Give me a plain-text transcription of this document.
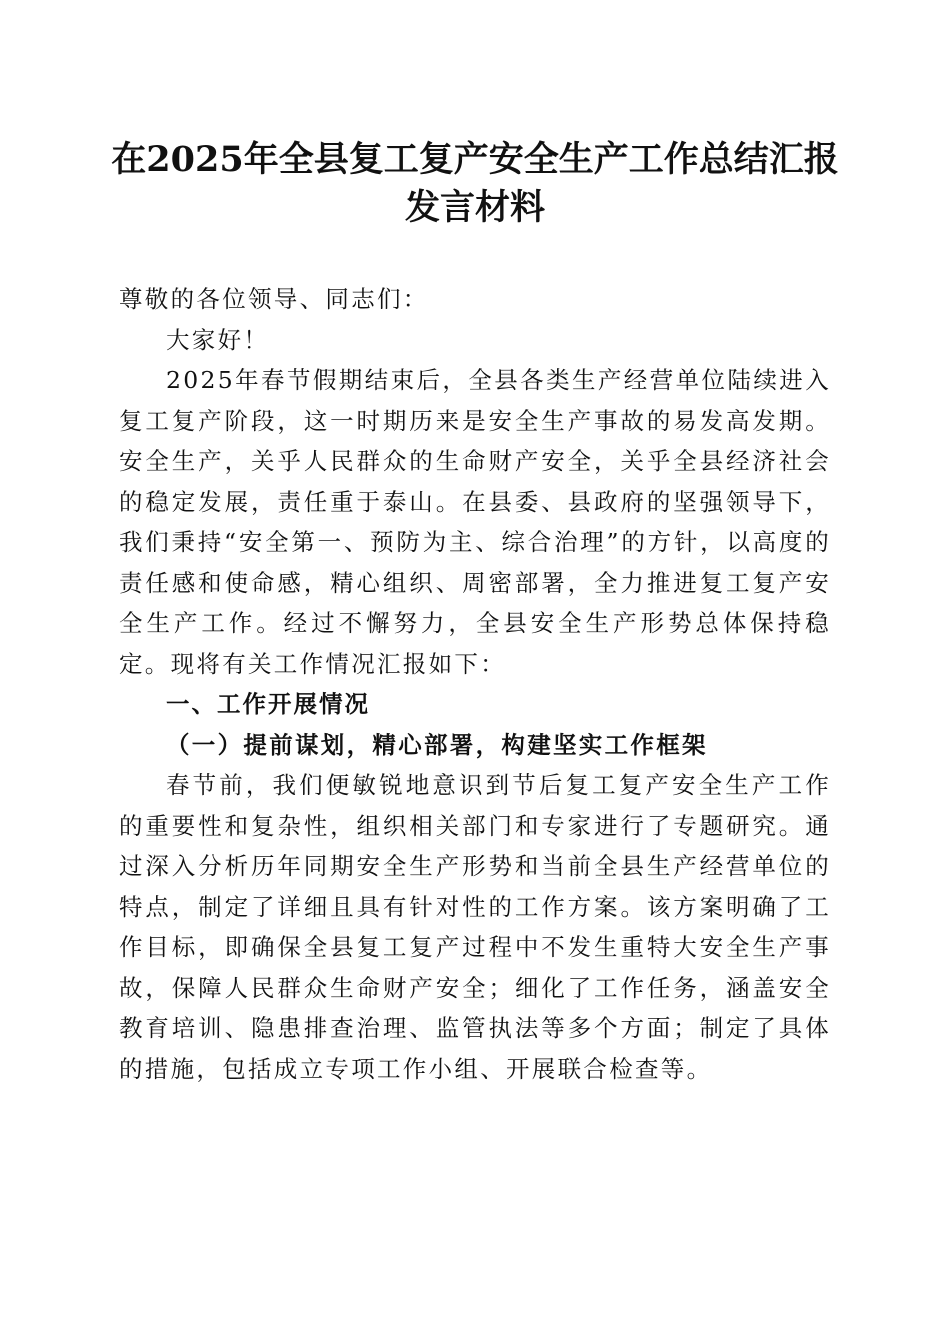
在2025年全县复工复产安全生产工作总结汇报发言材料

尊敬的各位领导、同志们：

大家好！

2025年春节假期结束后，全县各类生产经营单位陆续进入复工复产阶段，这一时期历来是安全生产事故的易发高发期。安全生产，关乎人民群众的生命财产安全，关乎全县经济社会的稳定发展，责任重于泰山。在县委、县政府的坚强领导下，我们秉持“安全第一、预防为主、综合治理”的方针，以高度的责任感和使命感，精心组织、周密部署，全力推进复工复产安全生产工作。经过不懈努力，全县安全生产形势总体保持稳定。现将有关工作情况汇报如下：

一、工作开展情况

（一）提前谋划，精心部署，构建坚实工作框架

春节前，我们便敏锐地意识到节后复工复产安全生产工作的重要性和复杂性，组织相关部门和专家进行了专题研究。通过深入分析历年同期安全生产形势和当前全县生产经营单位的特点，制定了详细且具有针对性的工作方案。该方案明确了工作目标，即确保全县复工复产过程中不发生重特大安全生产事故，保障人民群众生命财产安全；细化了工作任务，涵盖安全教育培训、隐患排查治理、监管执法等多个方面；制定了具体的措施，包括成立专项工作小组、开展联合检查等。
